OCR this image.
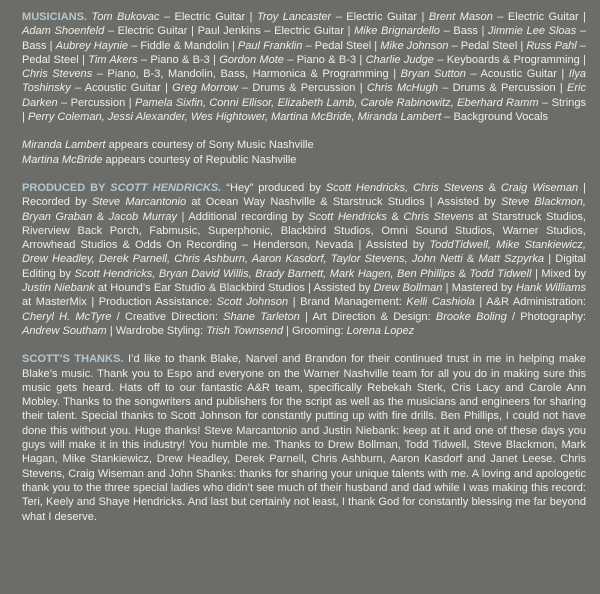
MUSICIANS. Tom Bukovac – Electric Guitar | Troy Lancaster – Electric Guitar | Brent Mason – Electric Guitar | Adam Shoenfeld – Electric Guitar | Paul Jenkins – Electric Guitar | Mike Brignardello – Bass | Jimmie Lee Sloas – Bass | Aubrey Haynie – Fiddle & Mandolin | Paul Franklin – Pedal Steel | Mike Johnson – Pedal Steel | Russ Pahl – Pedal Steel | Tim Akers – Piano & B-3 | Gordon Mote – Piano & B-3 | Charlie Judge – Keyboards & Programming | Chris Stevens – Piano, B-3, Mandolin, Bass, Harmonica & Programming | Bryan Sutton – Acoustic Guitar | Ilya Toshinsky – Acoustic Guitar | Greg Morrow – Drums & Percussion | Chris McHugh – Drums & Percussion | Eric Darken – Percussion | Pamela Sixfin, Conni Ellisor, Elizabeth Lamb, Carole Rabinowitz, Eberhard Ramm – Strings | Perry Coleman, Jessi Alexander, Wes Hightower, Martina McBride, Miranda Lambert – Background Vocals

Miranda Lambert appears courtesy of Sony Music Nashville

Martina McBride appears courtesy of Republic Nashville

PRODUCED BY SCOTT HENDRICKS. “Hey” produced by Scott Hendricks, Chris Stevens & Craig Wiseman | Recorded by Steve Marcantonio at Ocean Way Nashville & Starstruck Studios | Assisted by Steve Blackmon, Bryan Graban & Jacob Murray | Additional recording by Scott Hendricks & Chris Stevens at Starstruck Studios, Riverview Back Porch, Fabmusic, Superphonic, Blackbird Studios, Omni Sound Studios, Warner Studios, Arrowhead Studios & Odds On Recording – Henderson, Nevada | Assisted by ToddTidwell, Mike Stankiewicz, Drew Headley, Derek Parnell, Chris Ashburn, Aaron Kasdorf, Taylor Stevens, John Netti & Matt Szpyrka | Digital Editing by Scott Hendricks, Bryan David Willis, Brady Barnett, Mark Hagen, Ben Phillips & Todd Tidwell | Mixed by Justin Niebank at Hound’s Ear Studio & Blackbird Studios | Assisted by Drew Bollman | Mastered by Hank Williams at MasterMix | Production Assistance: Scott Johnson | Brand Management: Kelli Cashiola | A&R Administration: Cheryl H. McTyre / Creative Direction: Shane Tarleton | Art Direction & Design: Brooke Boling / Photography: Andrew Southam | Wardrobe Styling: Trish Townsend | Grooming: Lorena Lopez

SCOTT’S THANKS. I’d like to thank Blake, Narvel and Brandon for their continued trust in me in helping make Blake’s music. Thank you to Espo and everyone on the Warner Nashville team for all you do in making sure this music gets heard. Hats off to our fantastic A&R team, specifically Rebekah Sterk, Cris Lacy and Carole Ann Mobley. Thanks to the songwriters and publishers for the script as well as the musicians and engineers for sharing their talent. Special thanks to Scott Johnson for constantly putting up with fire drills. Ben Phillips, I could not have done this without you. Huge thanks! Steve Marcantonio and Justin Niebank: keep at it and one of these days you guys will make it in this industry! You humble me. Thanks to Drew Bollman, Todd Tidwell, Steve Blackmon, Mark Hagan, Mike Stankiewicz, Drew Headley, Derek Parnell, Chris Ashburn, Aaron Kasdorf and Janet Leese. Chris Stevens, Craig Wiseman and John Shanks: thanks for sharing your unique talents with me. A loving and apologetic thank you to the three special ladies who didn’t see much of their husband and dad while I was making this record: Teri, Keely and Shaye Hendricks. And last but certainly not least, I thank God for constantly blessing me far beyond what I deserve.
